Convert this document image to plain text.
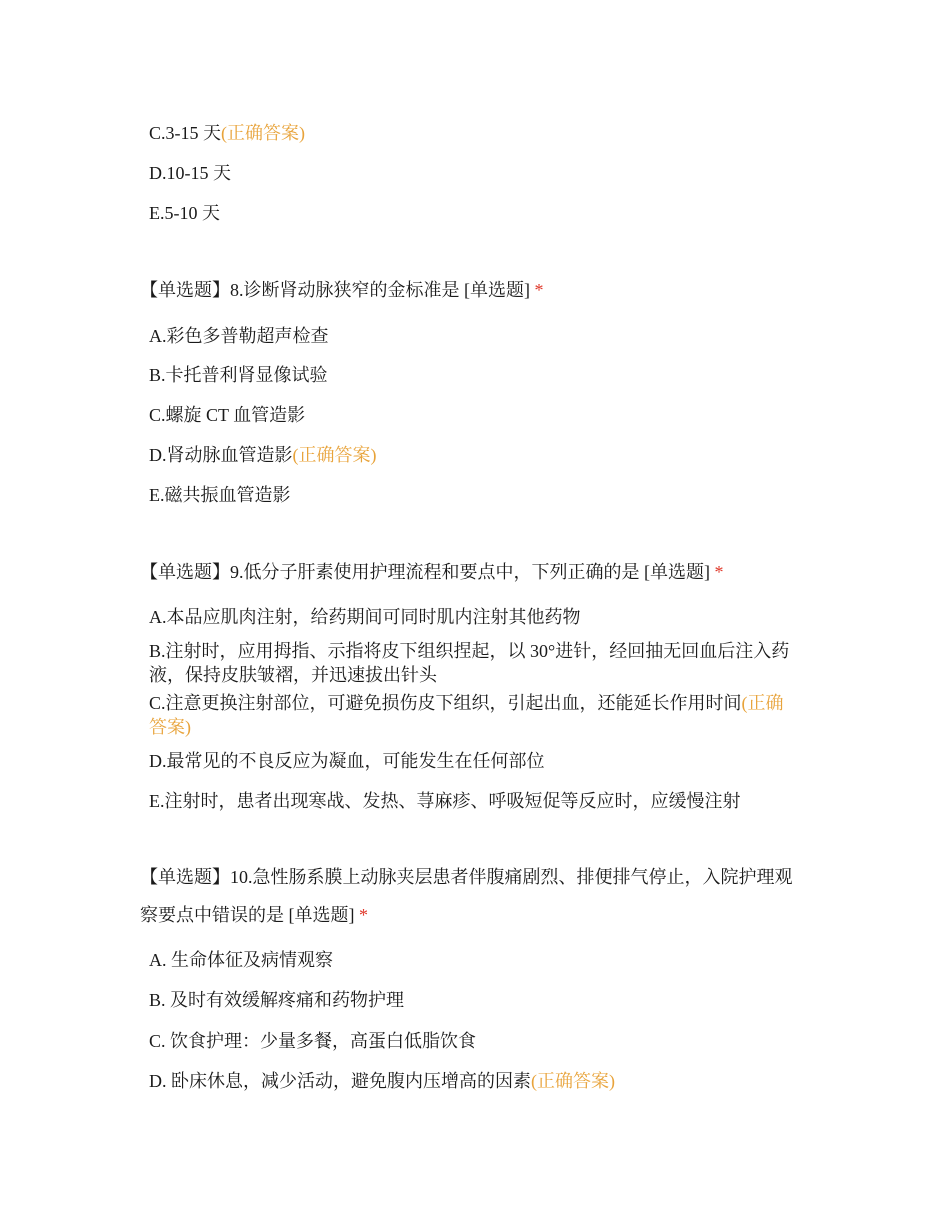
C.3-15 天(正确答案)
D.10-15 天
E.5-10 天
【单选题】8.诊断肾动脉狭窄的金标准是 [单选题] *
A.彩色多普勒超声检查
B.卡托普利肾显像试验
C.螺旋 CT 血管造影
D.肾动脉血管造影(正确答案)
E.磁共振血管造影
【单选题】9.低分子肝素使用护理流程和要点中，下列正确的是 [单选题] *
A.本品应肌肉注射，给药期间可同时肌内注射其他药物
B.注射时，应用拇指、示指将皮下组织捏起，以 30°进针，经回抽无回血后注入药液，保持皮肤皱褶，并迅速拔出针头
C.注意更换注射部位，可避免损伤皮下组织，引起出血，还能延长作用时间(正确答案)
D.最常见的不良反应为凝血，可能发生在任何部位
E.注射时，患者出现寒战、发热、荨麻疹、呼吸短促等反应时，应缓慢注射
【单选题】10.急性肠系膜上动脉夹层患者伴腹痛剧烈、排便排气停止，入院护理观察要点中错误的是 [单选题] *
A. 生命体征及病情观察
B. 及时有效缓解疼痛和药物护理
C. 饮食护理：少量多餐，高蛋白低脂饮食
D. 卧床休息，减少活动，避免腹内压增高的因素(正确答案)
